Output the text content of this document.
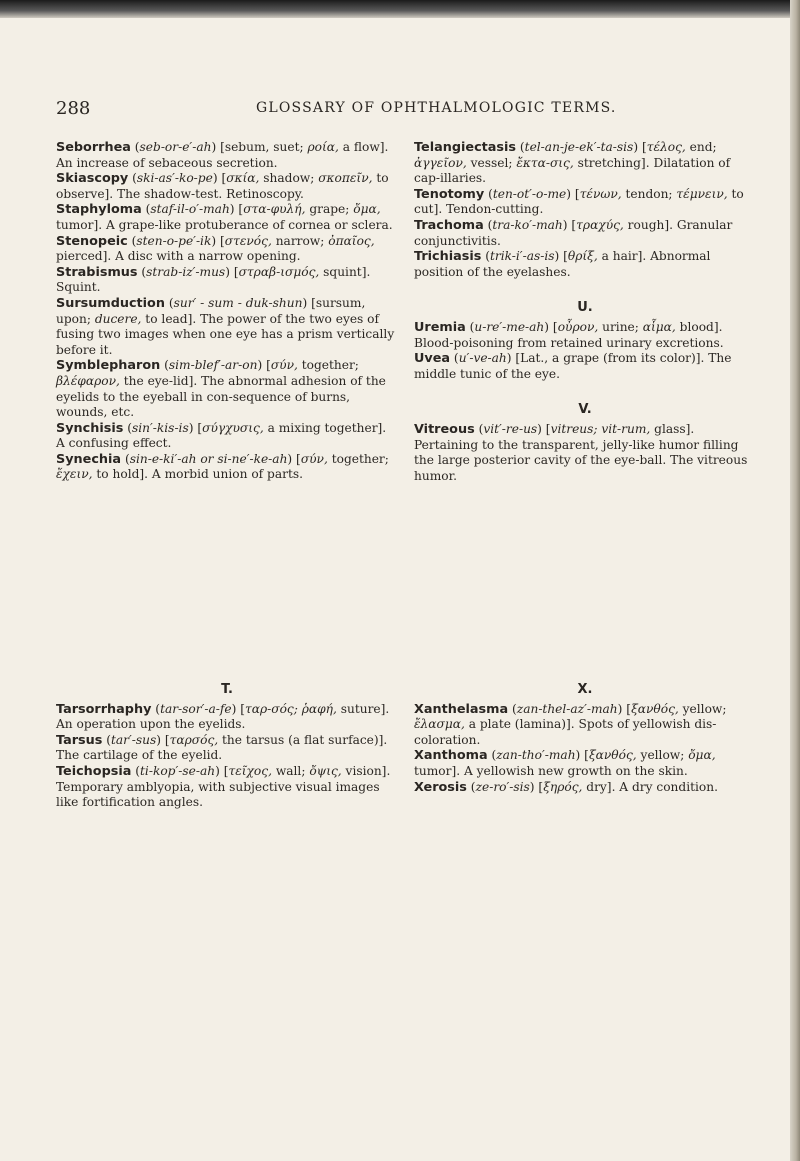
288	GLOSSARY OF OPHTHALMOLOGIC TERMS.

Seborrhea (seb-or-e′-ah) [sebum, suet; ροία, a flow]. An increase of sebaceous secretion.

Skiascopy (ski-as′-ko-pe) [σκία, shadow; σκοπεῖν, to observe]. The shadow-test. Retinoscopy.

Staphyloma (staf-il-o′-mah) [στα-φυλή, grape; ὄμα, tumor]. A grape-like protuberance of cornea or sclera.

Stenopeic (sten-o-pe′-ik) [στενός, narrow; ὀπαῖος, pierced]. A disc with a narrow opening.

Strabismus (strab-iz′-mus) [στραβ-ισμός, squint]. Squint.

Sursumduction (sur′ - sum - duk-shun) [sursum, upon; ducere, to lead]. The power of the two eyes of fusing two images when one eye has a prism vertically before it.

Symblepharon (sim-blef′-ar-on) [σύν, together; βλέφαρον, the eye-lid]. The abnormal adhesion of the eyelids to the eyeball in con-sequence of burns, wounds, etc.

Synchisis (sin′-kis-is) [σύγχυσις, a mixing together]. A confusing effect.

Synechia (sin-e-ki′-ah or si-ne′-ke-ah) [σύν, together; ἔχειν, to hold]. A morbid union of parts.

Telangiectasis (tel-an-je-ek′-ta-sis) [τέλος, end; ἀγγεῖον, vessel; ἔκτα-σις, stretching]. Dilatation of cap-illaries.

Tenotomy (ten-ot′-o-me) [τένων, tendon; τέμνειν, to cut]. Tendon-cutting.

Trachoma (tra-ko′-mah) [τραχύς, rough]. Granular conjunctivitis.

Trichiasis (trik-i′-as-is) [θρίξ, a hair]. Abnormal position of the eyelashes.

U.

Uremia (u-re′-me-ah) [οὖρον, urine; αἷμα, blood]. Blood-poisoning from retained urinary excretions.

Uvea (u′-ve-ah) [Lat., a grape (from its color)]. The middle tunic of the eye.

V.

Vitreous (vit′-re-us) [vitreus; vit-rum, glass]. Pertaining to the transparent, jelly-like humor filling the large posterior cavity of the eye-ball. The vitreous humor.

T.

Tarsorrhaphy (tar-sor′-a-fe) [ταρ-σός; ῥαφή, suture]. An operation upon the eyelids.

Tarsus (tar′-sus) [ταρσός, the tarsus (a flat surface)]. The cartilage of the eyelid.

Teichopsia (ti-kop′-se-ah) [τεῖχος, wall; ὄψις, vision]. Temporary amblyopia, with subjective visual images like fortification angles.

X.

Xanthelasma (zan-thel-az′-mah) [ξανθός, yellow; ἔλασμα, a plate (lamina)]. Spots of yellowish dis-coloration.

Xanthoma (zan-tho′-mah) [ξανθός, yellow; ὄμα, tumor]. A yellowish new growth on the skin.

Xerosis (ze-ro′-sis) [ξηρός, dry]. A dry condition.
